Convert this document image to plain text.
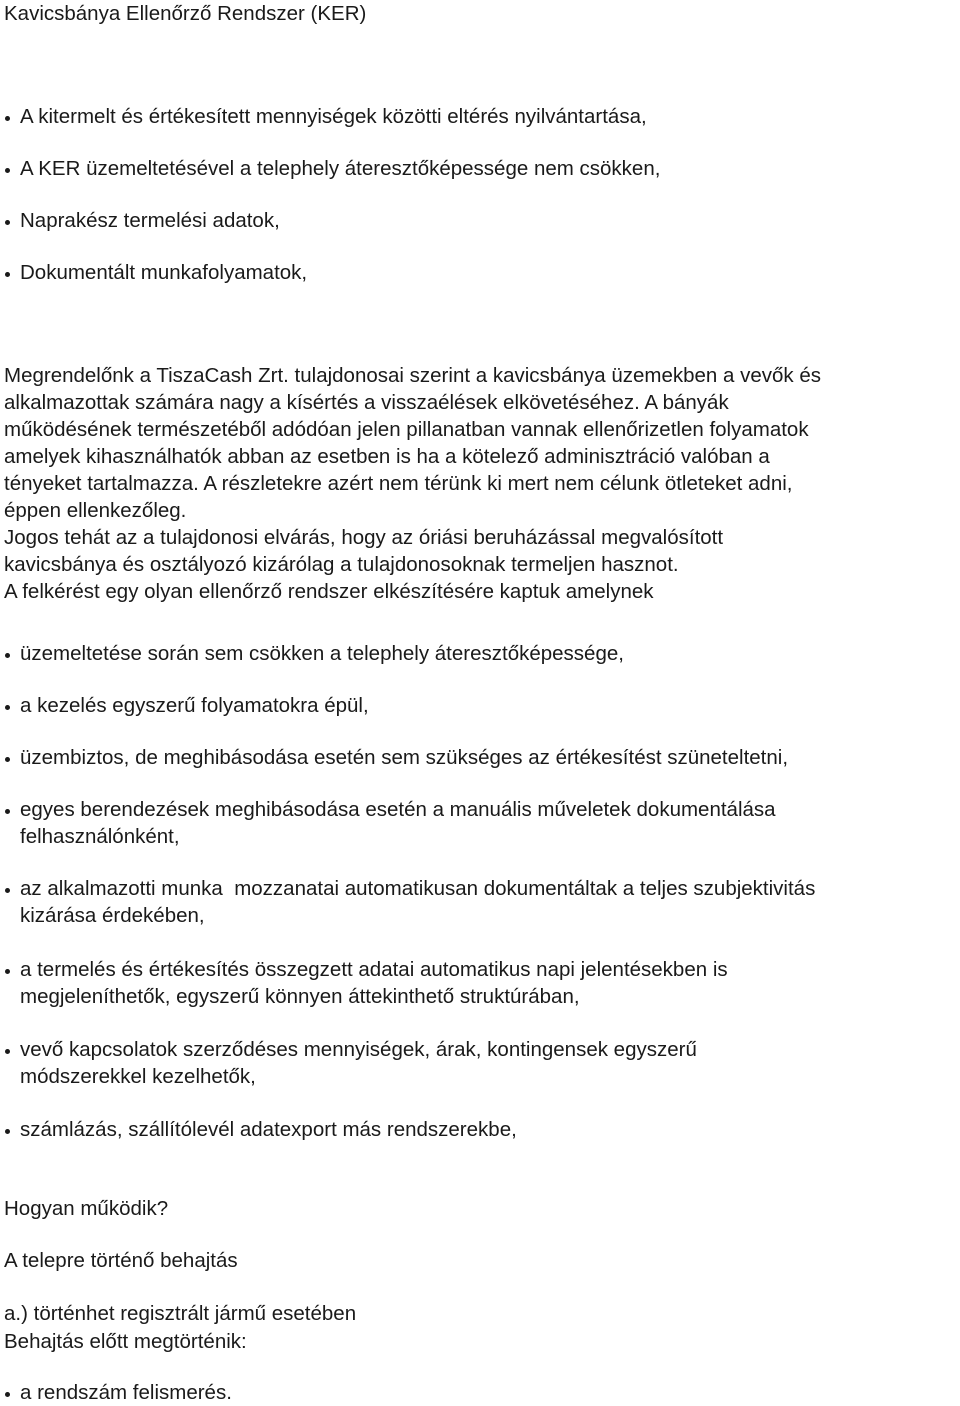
Kavicsbánya Ellenőrző Rendszer (KER)

A kitermelt és értékesített mennyiségek közötti eltérés nyilvántartása,
A KER üzemeltetésével a telephely áteresztőképessége nem csökken,
Naprakész termelési adatok,
Dokumentált munkafolyamatok,
Megrendelőnk a TiszaCash Zrt. tulajdonosai szerint a kavicsbánya üzemekben a vevők és
alkalmazottak számára nagy a kísértés a visszaélések elkövetéséhez. A bányák
működésének természetéből adódóan jelen pillanatban vannak ellenőrizetlen folyamatok
amelyek kihasználhatók abban az esetben is ha a kötelező adminisztráció valóban a
tényeket tartalmazza. A részletekre azért nem térünk ki mert nem célunk ötleteket adni,
éppen ellenkezőleg.
Jogos tehát az a tulajdonosi elvárás, hogy az óriási beruházással megvalósított
kavicsbánya és osztályozó kizárólag a tulajdonosoknak termeljen hasznot.
A felkérést egy olyan ellenőrző rendszer elkészítésére kaptuk amelynek
üzemeltetése során sem csökken a telephely áteresztőképessége,
a kezelés egyszerű folyamatokra épül,
üzembiztos, de meghibásodása esetén sem szükséges az értékesítést szüneteltetni,
egyes berendezések meghibásodása esetén a manuális műveletek dokumentálása
felhasználónként,
az alkalmazotti munka  mozzanatai automatikusan dokumentáltak a teljes szubjektivitás
kizárása érdekében,
a termelés és értékesítés összegzett adatai automatikus napi jelentésekben is
megjeleníthetők, egyszerű könnyen áttekinthető struktúrában,
vevő kapcsolatok szerződéses mennyiségek, árak, kontingensek egyszerű
módszerekkel kezelhetők,
számlázás, szállítólevél adatexport más rendszerekbe,

Hogyan működik?

A telepre történő behajtás

a.) történhet regisztrált jármű esetében

Behajtás előtt megtörténik:

a rendszám felismerés.
